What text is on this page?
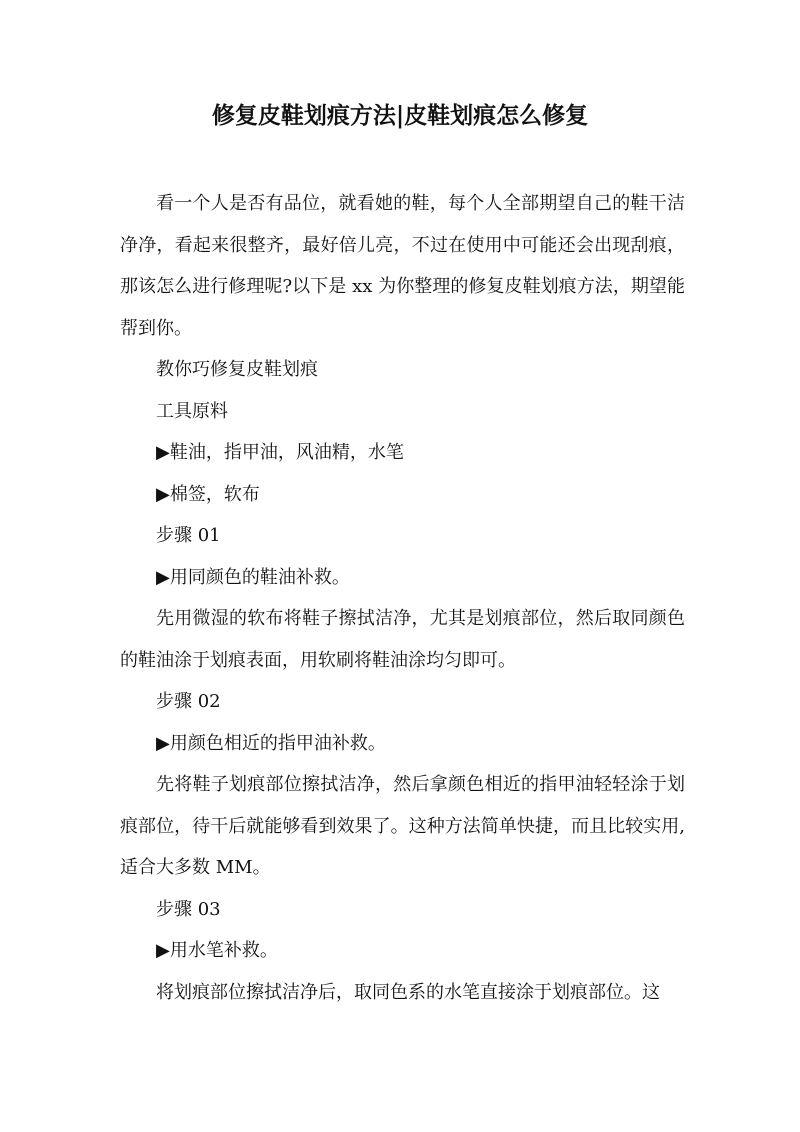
修复皮鞋划痕方法|皮鞋划痕怎么修复

看一个人是否有品位，就看她的鞋，每个人全部期望自己的鞋干洁净净，看起来很整齐，最好倍儿亮，不过在使用中可能还会出现刮痕，那该怎么进行修理呢?以下是 xx 为你整理的修复皮鞋划痕方法，期望能帮到你。

教你巧修复皮鞋划痕

工具原料

▶鞋油，指甲油，风油精，水笔

▶棉签，软布

步骤 01

▶用同颜色的鞋油补救。

先用微湿的软布将鞋子擦拭洁净，尤其是划痕部位，然后取同颜色的鞋油涂于划痕表面，用软刷将鞋油涂均匀即可。

步骤 02

▶用颜色相近的指甲油补救。

先将鞋子划痕部位擦拭洁净，然后拿颜色相近的指甲油轻轻涂于划痕部位，待干后就能够看到效果了。这种方法简单快捷，而且比较实用,适合大多数 MM。

步骤 03

▶用水笔补救。

将划痕部位擦拭洁净后，取同色系的水笔直接涂于划痕部位。这
